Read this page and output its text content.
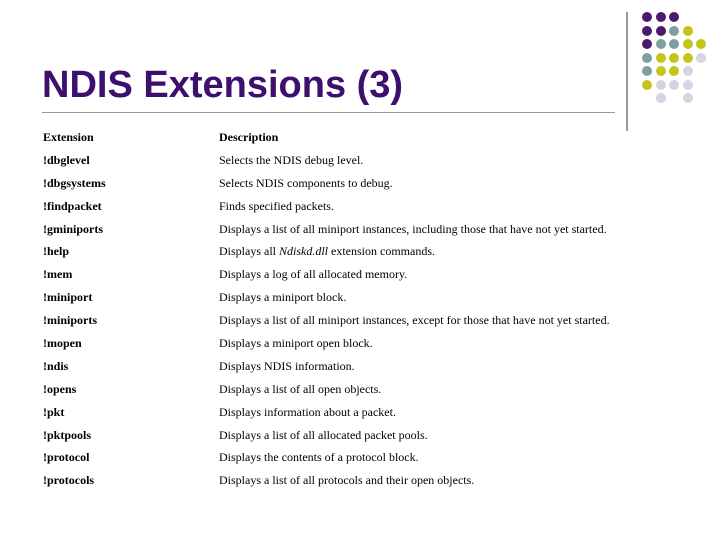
NDIS Extensions (3)
Extension	Description
!dbglevel	Selects the NDIS debug level.
!dbgsystems	Selects NDIS components to debug.
!findpacket	Finds specified packets.
!gminiports	Displays a list of all miniport instances, including those that have not yet started.
!help	Displays all Ndiskd.dll extension commands.
!mem	Displays a log of all allocated memory.
!miniport	Displays a miniport block.
!miniports	Displays a list of all miniport instances, except for those that have not yet started.
!mopen	Displays a miniport open block.
!ndis	Displays NDIS information.
!opens	Displays a list of all open objects.
!pkt	Displays information about a packet.
!pktpools	Displays a list of all allocated packet pools.
!protocol	Displays the contents of a protocol block.
!protocols	Displays a list of all protocols and their open objects.
